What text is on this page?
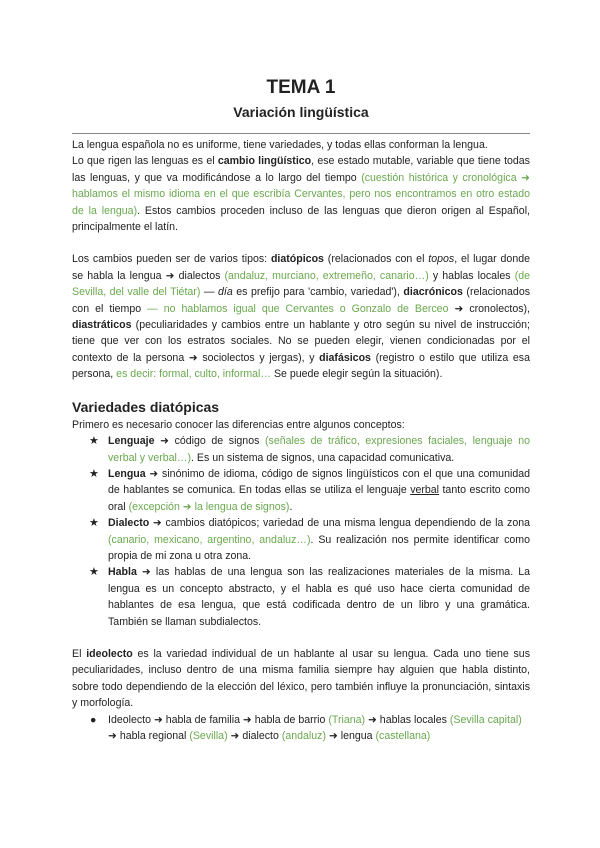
TEMA 1
Variación lingüística

La lengua española no es uniforme, tiene variedades, y todas ellas conforman la lengua.

Lo que rigen las lenguas es el cambio lingüístico, ese estado mutable, variable que tiene todas las lenguas, y que va modificándose a lo largo del tiempo (cuestión histórica y cronológica ➜ hablamos el mismo idioma en el que escribía Cervantes, pero nos encontramos en otro estado de la lengua). Estos cambios proceden incluso de las lenguas que dieron origen al Español, principalmente el latín.

Los cambios pueden ser de varios tipos: diatópicos (relacionados con el topos, el lugar donde se habla la lengua ➜ dialectos (andaluz, murciano, extremeño, canario…) y hablas locales (de Sevilla, del valle del Tiétar) — día es prefijo para 'cambio, variedad'), diacrónicos (relacionados con el tiempo — no hablamos igual que Cervantes o Gonzalo de Berceo ➜ cronolectos), diastráticos (peculiaridades y cambios entre un hablante y otro según su nivel de instrucción; tiene que ver con los estratos sociales. No se pueden elegir, vienen condicionadas por el contexto de la persona ➜ sociolectos y jergas), y diafásicos (registro o estilo que utiliza esa persona, es decir: formal, culto, informal… Se puede elegir según la situación).

Variedades diatópicas

Primero es necesario conocer las diferencias entre algunos conceptos:

★ Lenguaje ➜ código de signos (señales de tráfico, expresiones faciales, lenguaje no verbal y verbal…). Es un sistema de signos, una capacidad comunicativa.
★ Lengua ➜ sinónimo de idioma, código de signos lingüísticos con el que una comunidad de hablantes se comunica. En todas ellas se utiliza el lenguaje verbal tanto escrito como oral (excepción ➜ la lengua de signos).
★ Dialecto ➜ cambios diatópicos; variedad de una misma lengua dependiendo de la zona (canario, mexicano, argentino, andaluz…). Su realización nos permite identificar como propia de mi zona u otra zona.
★ Habla ➜ las hablas de una lengua son las realizaciones materiales de la misma. La lengua es un concepto abstracto, y el habla es qué uso hace cierta comunidad de hablantes de esa lengua, que está codificada dentro de un libro y una gramática. También se llaman subdialectos.

El ideolecto es la variedad individual de un hablante al usar su lengua. Cada uno tiene sus peculiaridades, incluso dentro de una misma familia siempre hay alguien que habla distinto, sobre todo dependiendo de la elección del léxico, pero también influye la pronunciación, sintaxis y morfología.

● Ideolecto ➜ habla de familia ➜ habla de barrio (Triana) ➜ hablas locales (Sevilla capital) ➜ habla regional (Sevilla) ➜ dialecto (andaluz) ➜ lengua (castellana)
